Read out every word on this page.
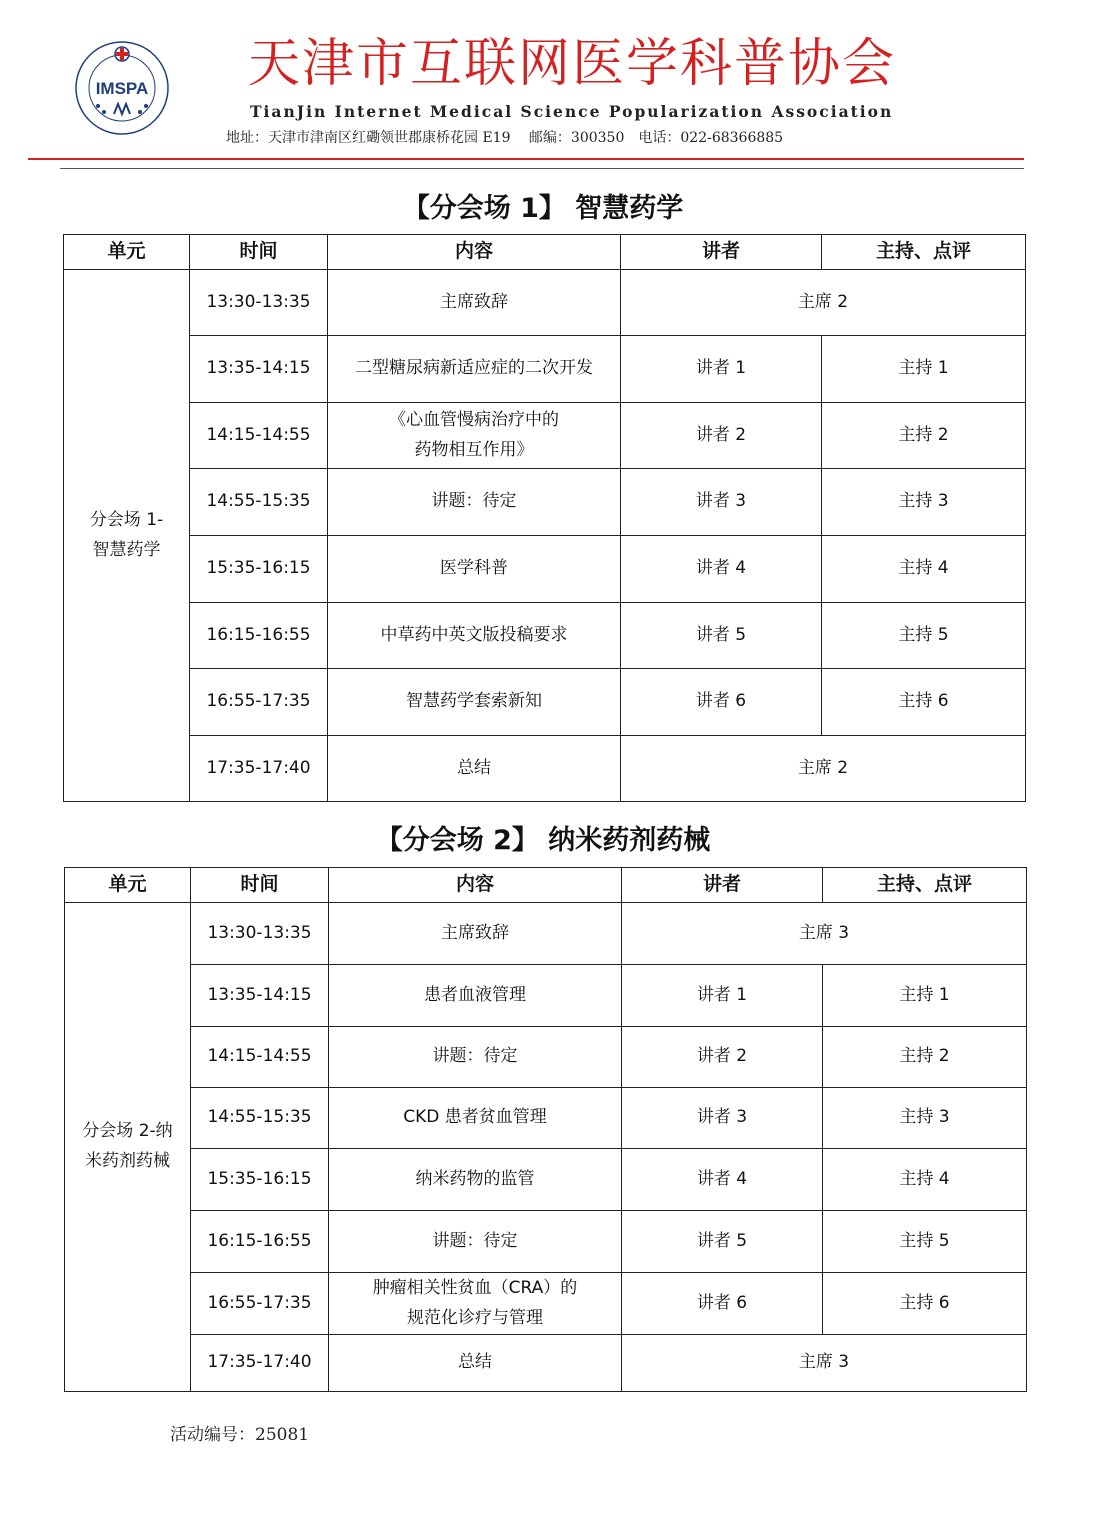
IMSPA 天津市互联网医学科普协会
TianJin Internet Medical Science Popularization Association
地址：天津市津南区红磡领世郡康桥花园 E19　 邮编：300350　电话：022-68366885
【分会场 1】 智慧药学
单元	时间	内容	讲者	主持、点评
分会场 1-
智慧药学	13:30-13:35	主席致辞	主席 2	
	13:35-14:15	二型糖尿病新适应症的二次开发	讲者 1	主持 1
	14:15-14:55	《心血管慢病治疗中的
药物相互作用》	讲者 2	主持 2
	14:55-15:35	讲题：待定	讲者 3	主持 3
	15:35-16:15	医学科普	讲者 4	主持 4
	16:15-16:55	中草药中英文版投稿要求	讲者 5	主持 5
	16:55-17:35	智慧药学套索新知	讲者 6	主持 6
	17:35-17:40	总结	主席 2	
【分会场 2】 纳米药剂药械
单元	时间	内容	讲者	主持、点评
分会场 2-纳
米药剂药械	13:30-13:35	主席致辞	主席 3	
	13:35-14:15	患者血液管理	讲者 1	主持 1
	14:15-14:55	讲题：待定	讲者 2	主持 2
	14:55-15:35	CKD 患者贫血管理	讲者 3	主持 3
	15:35-16:15	纳米药物的监管	讲者 4	主持 4
	16:15-16:55	讲题：待定	讲者 5	主持 5
	16:55-17:35	肿瘤相关性贫血（CRA）的
规范化诊疗与管理	讲者 6	主持 6
	17:35-17:40	总结	主席 3	
活动编号：25081
